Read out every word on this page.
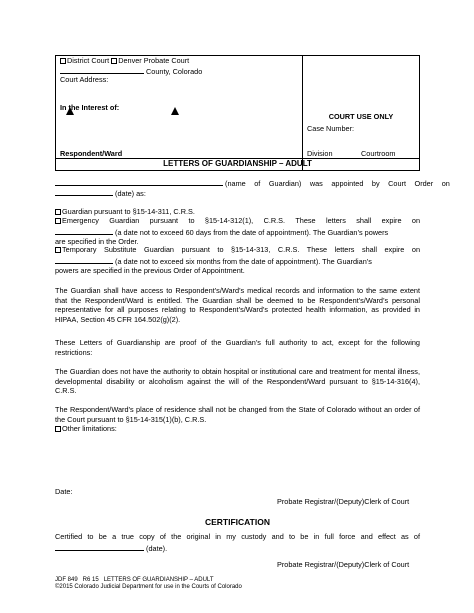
District Court Denver Probate Court
County, Colorado
Court Address:
In the Interest of:
Respondent/Ward
COURT USE ONLY
Case Number:
Division	Courtroom
LETTERS OF GUARDIANSHIP – ADULT
(name of Guardian) was appointed by Court Order on
(date) as:
Guardian pursuant to §15-14-311, C.R.S.
Emergency Guardian pursuant to §15-14-312(1), C.R.S. These letters shall expire on
(a date not to exceed 60 days from the date of appointment). The Guardian’s powers
are specified in the Order.
Temporary Substitute Guardian pursuant to §15-14-313, C.R.S. These letters shall expire on
(a date not to exceed six months from the date of appointment). The Guardian’s
powers are specified in the previous Order of Appointment.
The Guardian shall have access to Respondent’s/Ward’s medical records and information to the same extent that the Respondent/Ward is entitled. The Guardian shall be deemed to be Respondent’s/Ward’s personal representative for all purposes relating to Respondent’s/Ward’s protected health information, as provided in HIPAA, Section 45 CFR 164.502(g)(2).
These Letters of Guardianship are proof of the Guardian’s full authority to act, except for the following restrictions:
The Guardian does not have the authority to obtain hospital or institutional care and treatment for mental illness, developmental disability or alcoholism against the will of the Respondent/Ward pursuant to §15-14-316(4), C.R.S.
The Respondent/Ward’s place of residence shall not be changed from the State of Colorado without an order of the Court pursuant to §15-14-315(1)(b), C.R.S.
Other limitations:
Date:
Probate Registrar/(Deputy)Clerk of Court
CERTIFICATION
Certified to be a true copy of the original in my custody and to be in full force and effect as of
(date).
Probate Registrar/(Deputy)Clerk of Court
JDF 849   R6 15   LETTERS OF GUARDIANSHIP – ADULT
©2015 Colorado Judicial Department for use in the Courts of Colorado
